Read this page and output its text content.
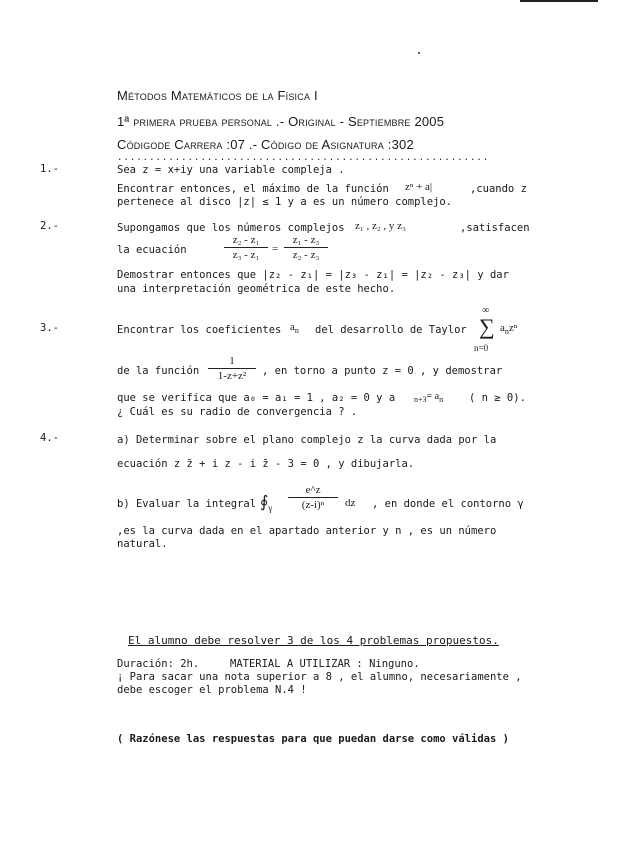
Métodos Matemáticos de la Física I
1ª primera prueba personal .- Original - Septiembre 2005
Códigode Carrera :07 .- Código de Asignatura :302
..........................................................
1.-	Sea z = x+iy una variable compleja .
Encontrar entonces, el máximo de la función zⁿ + a|	,cuando z
pertenece al disco |z| ≤ 1 y a es un número complejo.
2.-	Supongamos que los números complejos z₁ , z₂ , y z₃	,satisfacen
la ecuación
z₂ - z₁
z₃ - z₁	=
z₁ - z₃
z₂ - z₃
Demostrar entonces que |z₂ - z₁| = |z₃ - z₁| = |z₂ - z₃| y dar
una interpretación geométrica de este hecho.
3.-	Encontrar los coeficientes $a_n$ del desarrollo de Taylor
∞
∑
n=0
$a_nz^n$
de la función
1
1-z+z²	, en torno a punto z = 0 , y demostrar
que se verifica que a₀ = a₁ = 1 , a₂ = 0 y a $_{n+3}= a_n$ ( n ≥ 0).
¿ Cuál es su radio de convergencia ? .
4.-	a) Determinar sobre el plano complejo z la curva dada por la
ecuación z z̄ + i z - i z̄ - 3 = 0 , y dibujarla.
b) Evaluar la integral $∮_\gamma$
e^z
(z-i)ⁿ	dz , en donde el contorno γ
,es la curva dada en el apartado anterior y n , es un número
natural.
El alumno debe resolver 3 de los 4 problemas propuestos.
Duración: 2h.	MATERIAL A UTILIZAR : Ninguno.
¡ Para sacar una nota superior a 8 , el alumno, necesariamente ,
debe escoger el problema N.4 !
( Razónese las respuestas para que puedan darse como válidas )
